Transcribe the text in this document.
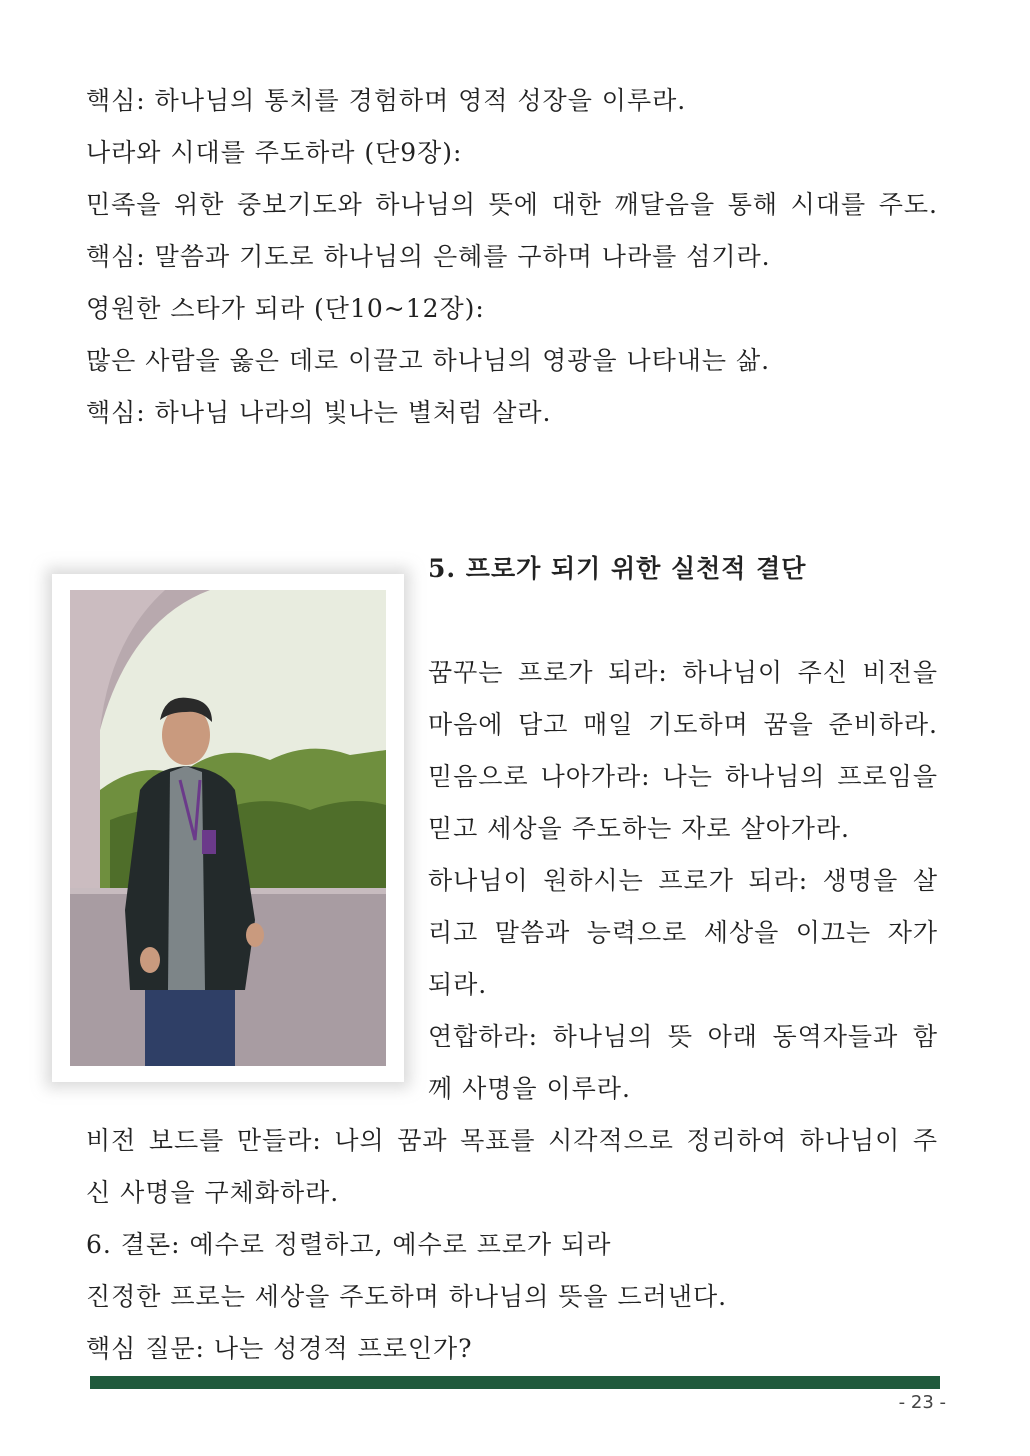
핵심: 하나님의 통치를 경험하며 영적 성장을 이루라.
나라와 시대를 주도하라 (단9장):
민족을 위한 중보기도와 하나님의 뜻에 대한 깨달음을 통해 시대를 주도.
핵심: 말씀과 기도로 하나님의 은혜를 구하며 나라를 섬기라.
영원한 스타가 되라 (단10~12장):
많은 사람을 옳은 데로 이끌고 하나님의 영광을 나타내는 삶.
핵심: 하나님 나라의 빛나는 별처럼 살라.
5. 프로가 되기 위한 실천적 결단
꿈꾸는 프로가 되라: 하나님이 주신 비전을
마음에 담고 매일 기도하며 꿈을 준비하라.
믿음으로 나아가라: 나는 하나님의 프로임을
믿고 세상을 주도하는 자로 살아가라.
하나님이 원하시는 프로가 되라: 생명을 살
리고 말씀과 능력으로 세상을 이끄는 자가
되라.
연합하라: 하나님의 뜻 아래 동역자들과 함
께 사명을 이루라.
비전 보드를 만들라: 나의 꿈과 목표를 시각적으로 정리하여 하나님이 주
신 사명을 구체화하라.
6. 결론: 예수로 정렬하고, 예수로 프로가 되라
진정한 프로는 세상을 주도하며 하나님의 뜻을 드러낸다.
핵심 질문: 나는 성경적 프로인가?
- 23 -
